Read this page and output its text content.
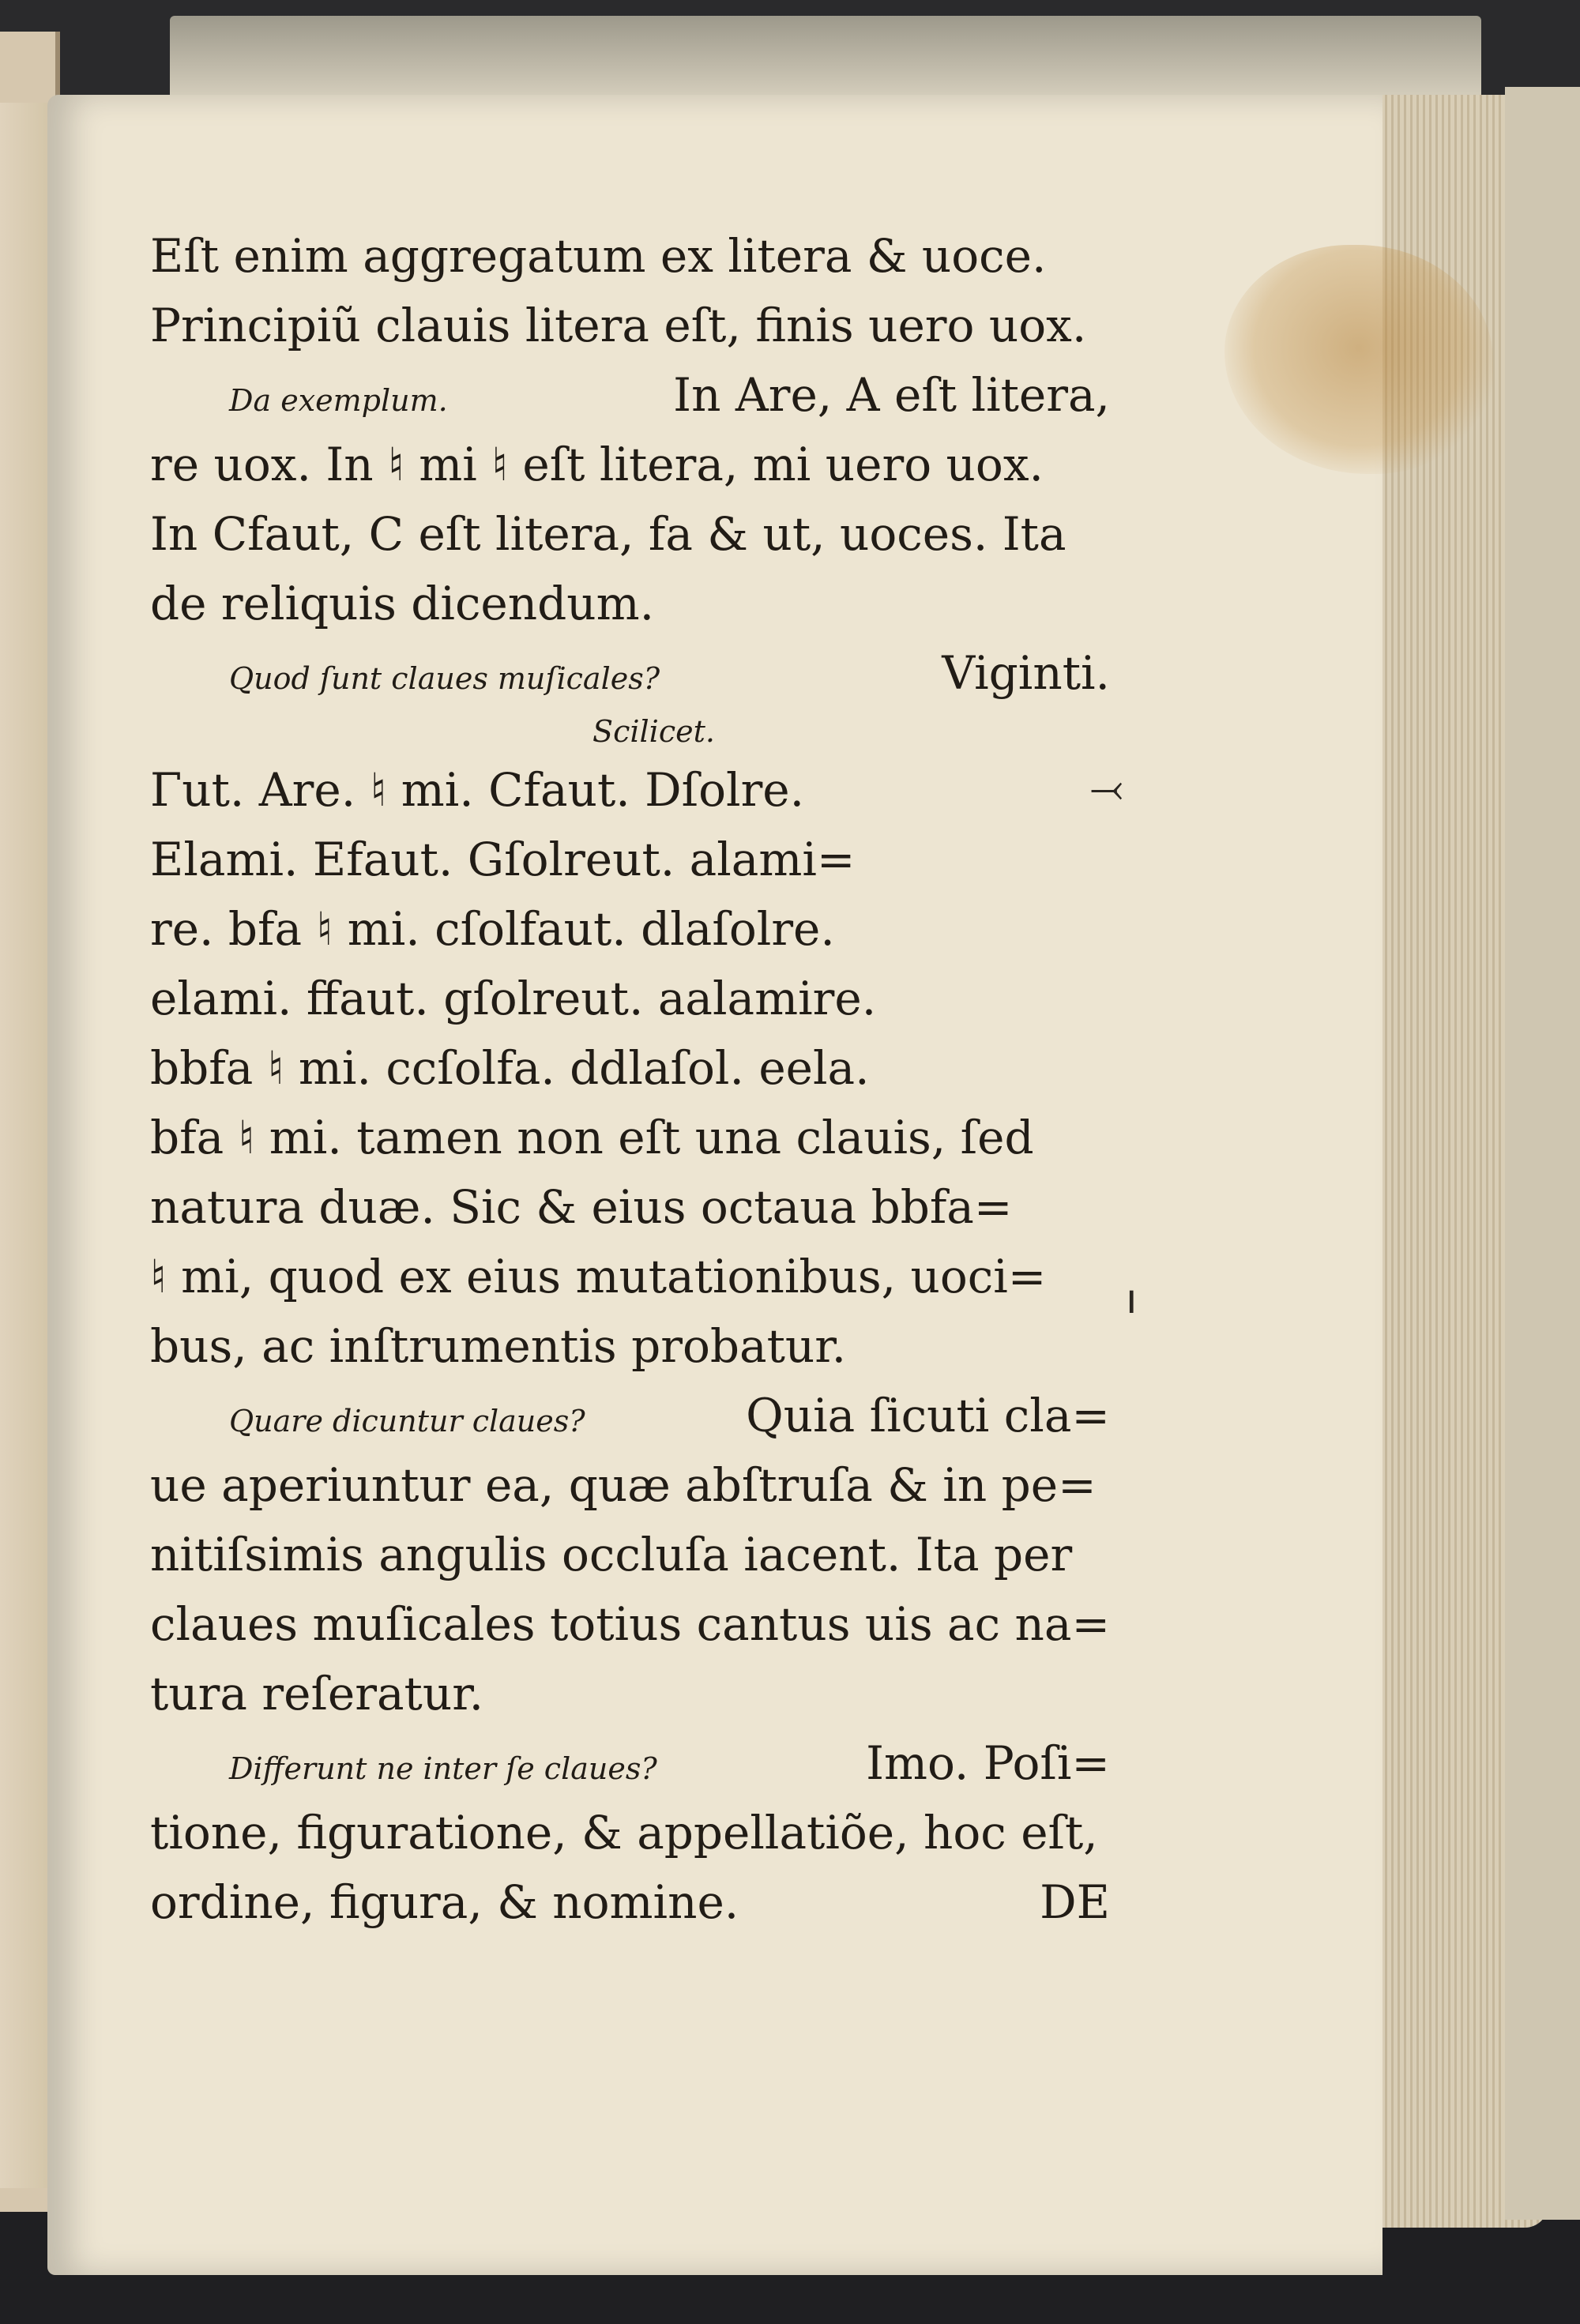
Eſt enim aggregatum ex litera & uoce.
Principiũ clauis litera eſt, finis uero uox.
Da exemplum.	In Are, A eſt litera,
re uox. In ♮ mi ♮ eſt litera, mi uero uox.
In Cfaut, C eſt litera, fa & ut, uoces. Ita
de reliquis dicendum.
Quod ſunt claues muſicales?	Viginti.
Scilicet.
Γut. Are. ♮ mi. Cfaut. Dſolre.
Elami. Efaut. Gſolreut. alami=
re. bfa ♮ mi. cſolfaut. dlaſolre.
elami. ffaut. gſolreut. aalamire.
bbfa ♮ mi. ccſolfa. ddlaſol. eela.
bfa ♮ mi. tamen non eſt una clauis, ſed
natura duæ. Sic & eius octaua bbfa=
♮ mi, quod ex eius mutationibus, uoci=
bus, ac inſtrumentis probatur.
Quare dicuntur claues?	Quia ſicuti cla=
ue aperiuntur ea, quæ abſtruſa & in pe=
nitiſsimis angulis occluſa iacent. Ita per
claues muſicales totius cantus uis ac na=
tura reſeratur.
Differunt ne inter ſe claues?	Imo. Poſi=
tione, figuratione, & appellatiõe, hoc eſt,
ordine, figura, & nomine.	DE
⤙
ı
